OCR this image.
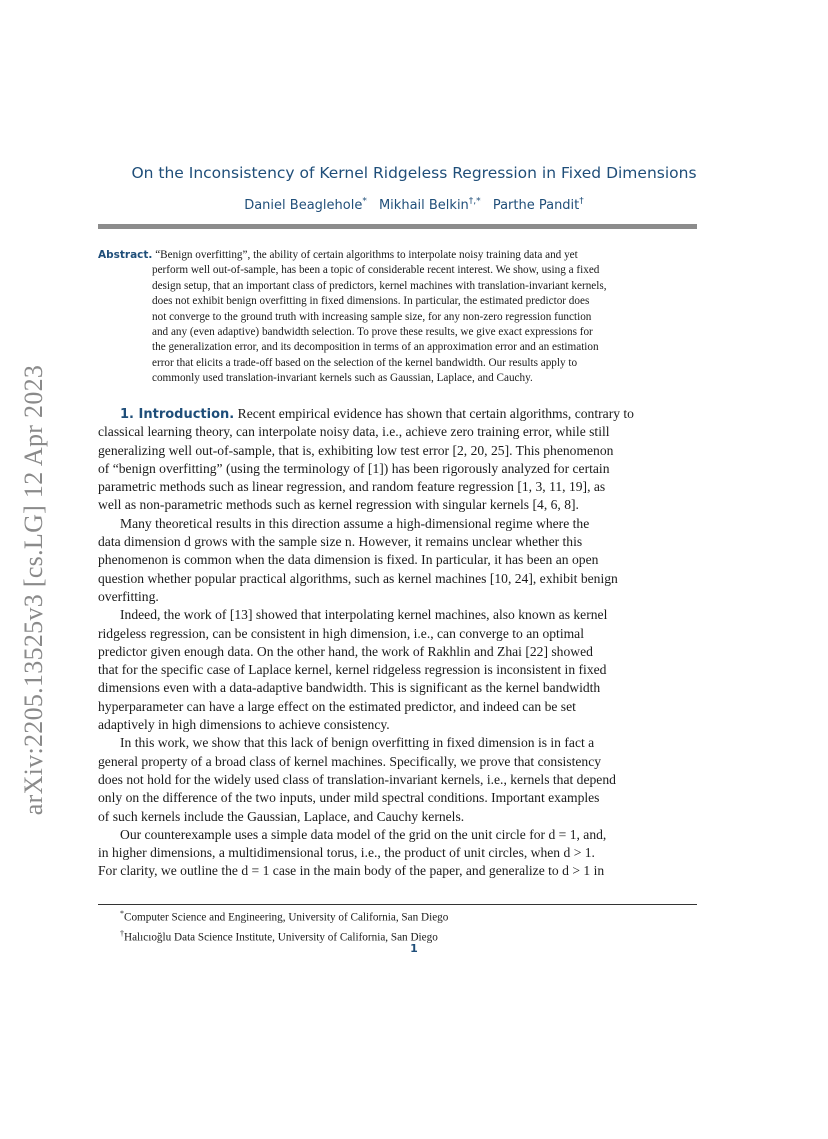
arXiv:2205.13525v3 [cs.LG] 12 Apr 2023
On the Inconsistency of Kernel Ridgeless Regression in Fixed Dimensions
Daniel Beaglehole* Mikhail Belkin†,* Parthe Pandit†
Abstract. “Benign overfitting”, the ability of certain algorithms to interpolate noisy training data and yet
perform well out-of-sample, has been a topic of considerable recent interest. We show, using a fixed
design setup, that an important class of predictors, kernel machines with translation-invariant kernels,
does not exhibit benign overfitting in fixed dimensions. In particular, the estimated predictor does
not converge to the ground truth with increasing sample size, for any non-zero regression function
and any (even adaptive) bandwidth selection. To prove these results, we give exact expressions for
the generalization error, and its decomposition in terms of an approximation error and an estimation
error that elicits a trade-off based on the selection of the kernel bandwidth. Our results apply to
commonly used translation-invariant kernels such as Gaussian, Laplace, and Cauchy.
1. Introduction. Recent empirical evidence has shown that certain algorithms, contrary to
classical learning theory, can interpolate noisy data, i.e., achieve zero training error, while still
generalizing well out-of-sample, that is, exhibiting low test error [2, 20, 25]. This phenomenon
of “benign overfitting” (using the terminology of [1]) has been rigorously analyzed for certain
parametric methods such as linear regression, and random feature regression [1, 3, 11, 19], as
well as non-parametric methods such as kernel regression with singular kernels [4, 6, 8].
Many theoretical results in this direction assume a high-dimensional regime where the
data dimension d grows with the sample size n. However, it remains unclear whether this
phenomenon is common when the data dimension is fixed. In particular, it has been an open
question whether popular practical algorithms, such as kernel machines [10, 24], exhibit benign
overfitting.
Indeed, the work of [13] showed that interpolating kernel machines, also known as kernel
ridgeless regression, can be consistent in high dimension, i.e., can converge to an optimal
predictor given enough data. On the other hand, the work of Rakhlin and Zhai [22] showed
that for the specific case of Laplace kernel, kernel ridgeless regression is inconsistent in fixed
dimensions even with a data-adaptive bandwidth. This is significant as the kernel bandwidth
hyperparameter can have a large effect on the estimated predictor, and indeed can be set
adaptively in high dimensions to achieve consistency.
In this work, we show that this lack of benign overfitting in fixed dimension is in fact a
general property of a broad class of kernel machines. Specifically, we prove that consistency
does not hold for the widely used class of translation-invariant kernels, i.e., kernels that depend
only on the difference of the two inputs, under mild spectral conditions. Important examples
of such kernels include the Gaussian, Laplace, and Cauchy kernels.
Our counterexample uses a simple data model of the grid on the unit circle for d = 1, and,
in higher dimensions, a multidimensional torus, i.e., the product of unit circles, when d > 1.
For clarity, we outline the d = 1 case in the main body of the paper, and generalize to d > 1 in
*Computer Science and Engineering, University of California, San Diego
†Halıcıoğlu Data Science Institute, University of California, San Diego
1
